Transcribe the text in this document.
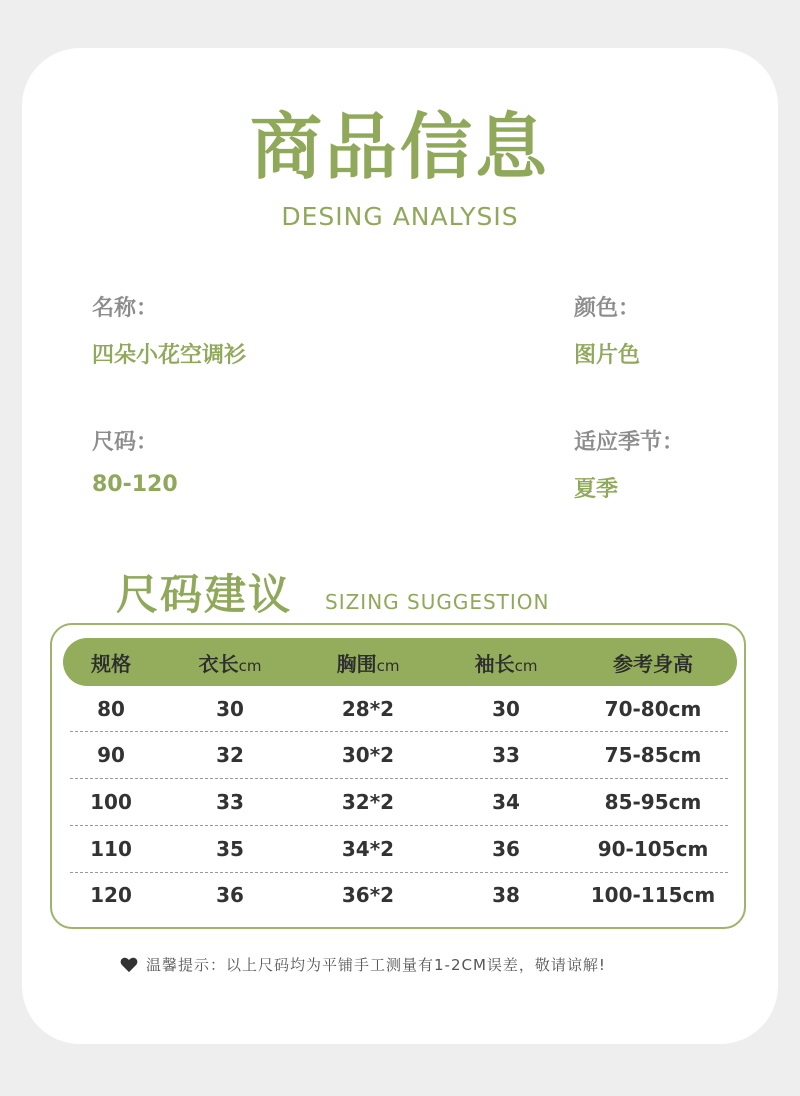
商品信息
DESING ANALYSIS
名称：
四朵小花空调衫
颜色：
图片色
尺码：
80-120
适应季节：
夏季
尺码建议 SIZING SUGGESTION
规格	衣长cm	胸围cm	袖长cm	参考身高
80	30	28*2	30	70-80cm
90	32	30*2	33	75-85cm
100	33	32*2	34	85-95cm
110	35	34*2	36	90-105cm
120	36	36*2	38	100-115cm
温馨提示：以上尺码均为平铺手工测量有1-2CM误差，敬请谅解!
